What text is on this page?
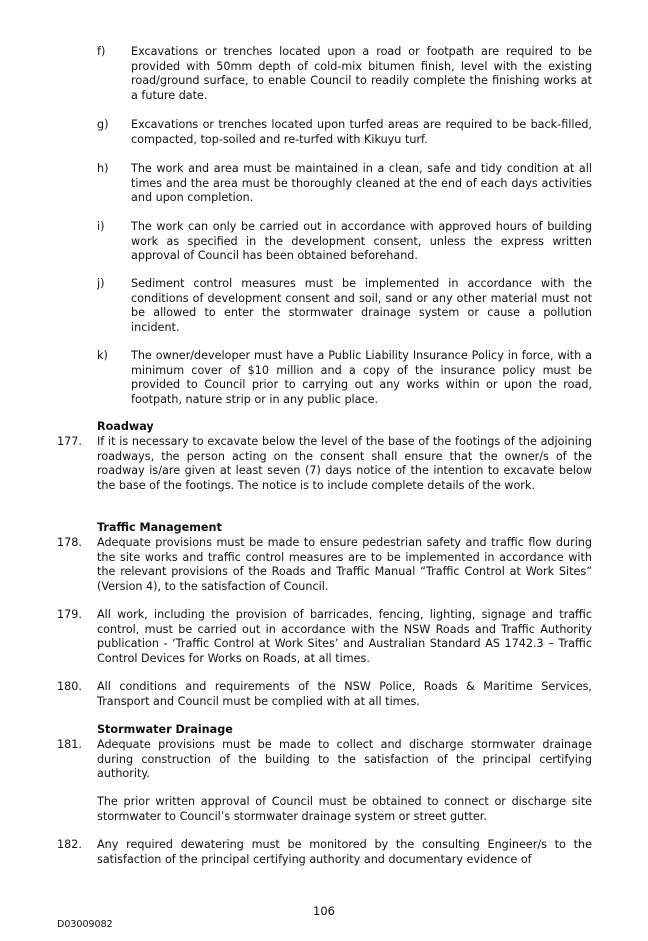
f) Excavations or trenches located upon a road or footpath are required to be provided with 50mm depth of cold-mix bitumen finish, level with the existing road/ground surface, to enable Council to readily complete the finishing works at a future date.
g) Excavations or trenches located upon turfed areas are required to be back-filled, compacted, top-soiled and re-turfed with Kikuyu turf.
h) The work and area must be maintained in a clean, safe and tidy condition at all times and the area must be thoroughly cleaned at the end of each days activities and upon completion.
i) The work can only be carried out in accordance with approved hours of building work as specified in the development consent, unless the express written approval of Council has been obtained beforehand.
j) Sediment control measures must be implemented in accordance with the conditions of development consent and soil, sand or any other material must not be allowed to enter the stormwater drainage system or cause a pollution incident.
k) The owner/developer must have a Public Liability Insurance Policy in force, with a minimum cover of $10 million and a copy of the insurance policy must be provided to Council prior to carrying out any works within or upon the road, footpath, nature strip or in any public place.
Roadway
177. If it is necessary to excavate below the level of the base of the footings of the adjoining roadways, the person acting on the consent shall ensure that the owner/s of the roadway is/are given at least seven (7) days notice of the intention to excavate below the base of the footings. The notice is to include complete details of the work.
Traffic Management
178. Adequate provisions must be made to ensure pedestrian safety and traffic flow during the site works and traffic control measures are to be implemented in accordance with the relevant provisions of the Roads and Traffic Manual “Traffic Control at Work Sites” (Version 4), to the satisfaction of Council.
179. All work, including the provision of barricades, fencing, lighting, signage and traffic control, must be carried out in accordance with the NSW Roads and Traffic Authority publication - ‘Traffic Control at Work Sites’ and Australian Standard AS 1742.3 – Traffic Control Devices for Works on Roads, at all times.
180. All conditions and requirements of the NSW Police, Roads & Maritime Services, Transport and Council must be complied with at all times.
Stormwater Drainage
181. Adequate provisions must be made to collect and discharge stormwater drainage during construction of the building to the satisfaction of the principal certifying authority.
The prior written approval of Council must be obtained to connect or discharge site stormwater to Council’s stormwater drainage system or street gutter.
182. Any required dewatering must be monitored by the consulting Engineer/s to the satisfaction of the principal certifying authority and documentary evidence of
106
D03009082
